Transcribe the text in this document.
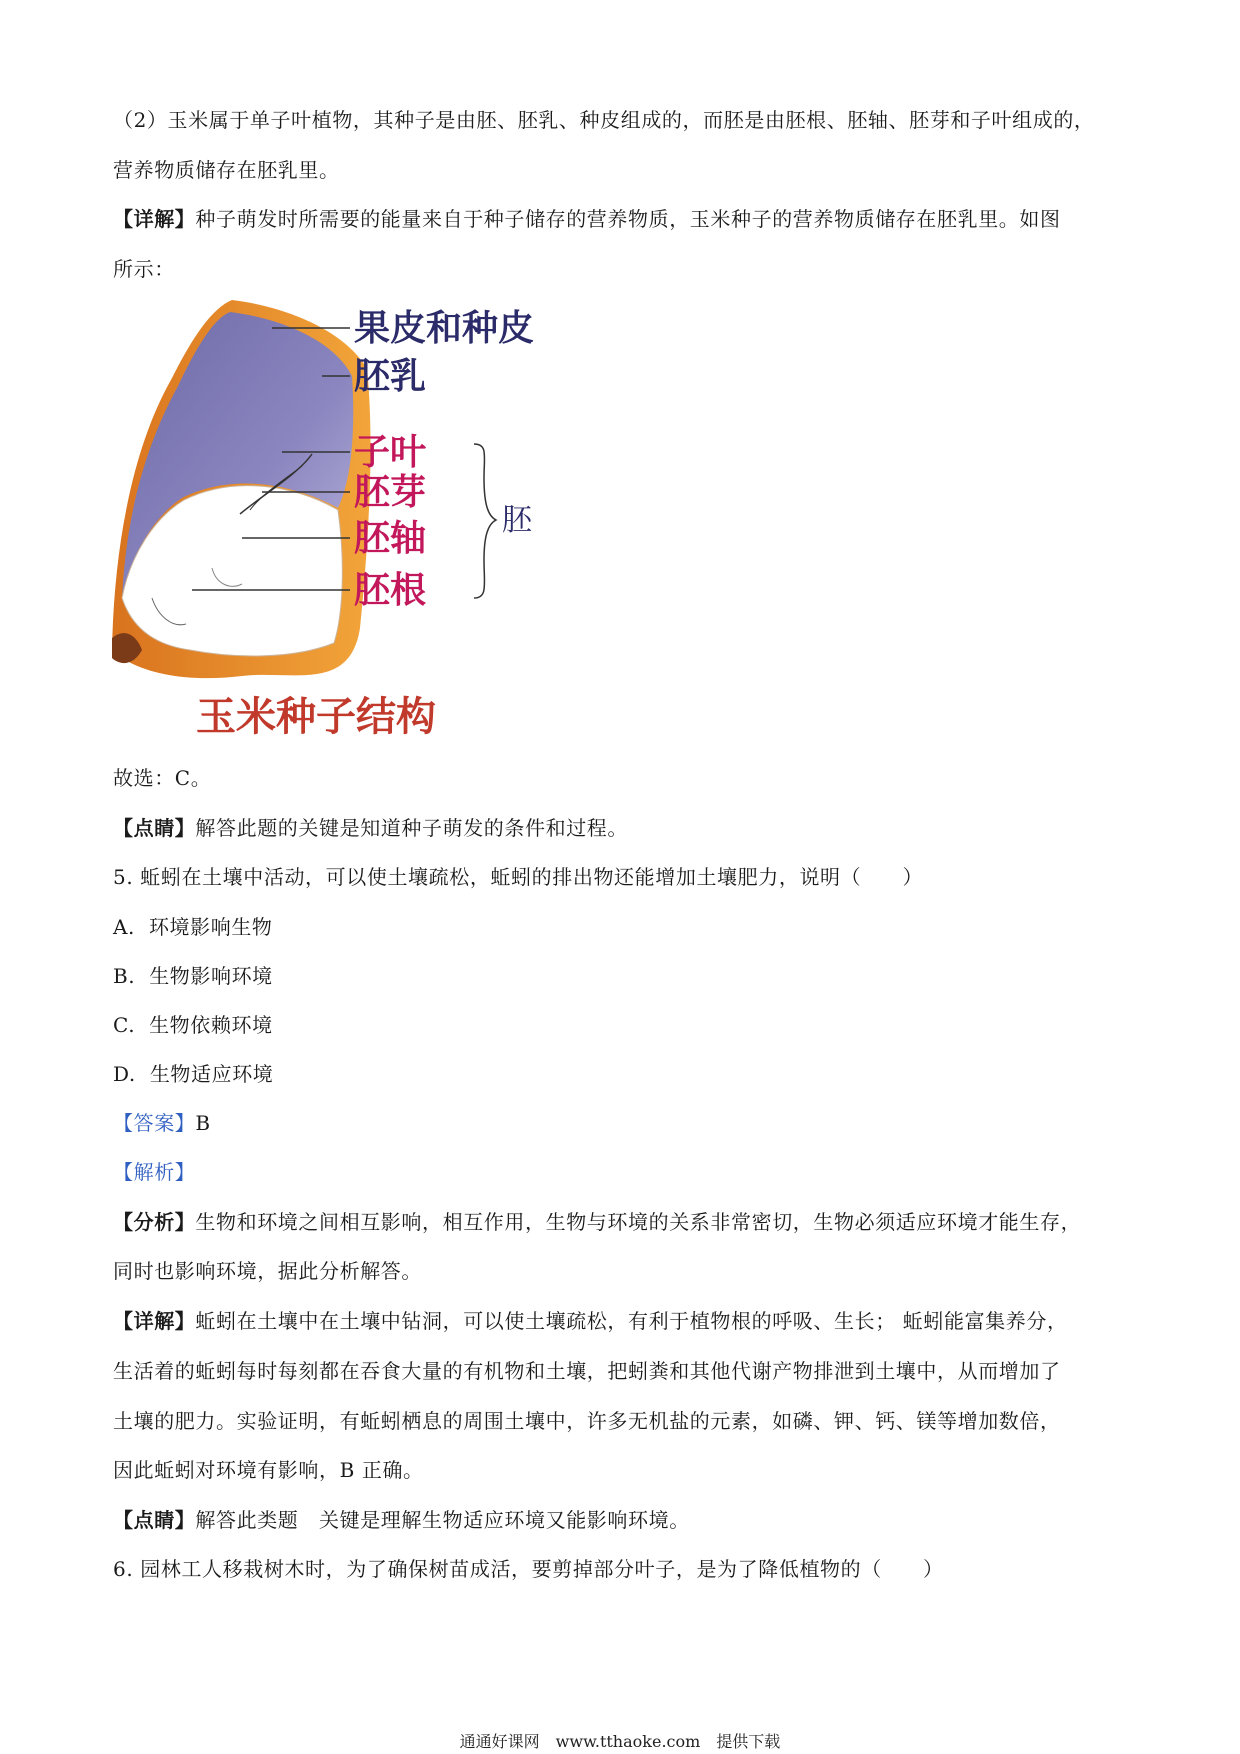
（2）玉米属于单子叶植物，其种子是由胚、胚乳、种皮组成的，而胚是由胚根、胚轴、胚芽和子叶组成的，
营养物质储存在胚乳里。
【详解】种子萌发时所需要的能量来自于种子储存的营养物质，玉米种子的营养物质储存在胚乳里。如图
所示：
果皮和种皮
胚乳
子叶
胚芽
胚轴
胚根
胚
玉米种子结构
故选：C。
【点睛】解答此题的关键是知道种子萌发的条件和过程。
5. 蚯蚓在土壤中活动，可以使土壤疏松，蚯蚓的排出物还能增加土壤肥力，说明（　　）
A. 环境影响生物
B. 生物影响环境
C. 生物依赖环境
D. 生物适应环境
【答案】B
【解析】
【分析】生物和环境之间相互影响，相互作用，生物与环境的关系非常密切，生物必须适应环境才能生存，
同时也影响环境，据此分析解答。
【详解】蚯蚓在土壤中在土壤中钻洞，可以使土壤疏松，有利于植物根的呼吸、生长； 蚯蚓能富集养分，
生活着的蚯蚓每时每刻都在吞食大量的有机物和土壤，把蚓粪和其他代谢产物排泄到土壤中，从而增加了
土壤的肥力。实验证明，有蚯蚓栖息的周围土壤中，许多无机盐的元素，如磷、钾、钙、镁等增加数倍，
因此蚯蚓对环境有影响，B 正确。
【点睛】解答此类题　关键是理解生物适应环境又能影响环境。
6. 园林工人移栽树木时，为了确保树苗成活，要剪掉部分叶子，是为了降低植物的（　　）
通通好课网　www.tthaoke.com　提供下载
